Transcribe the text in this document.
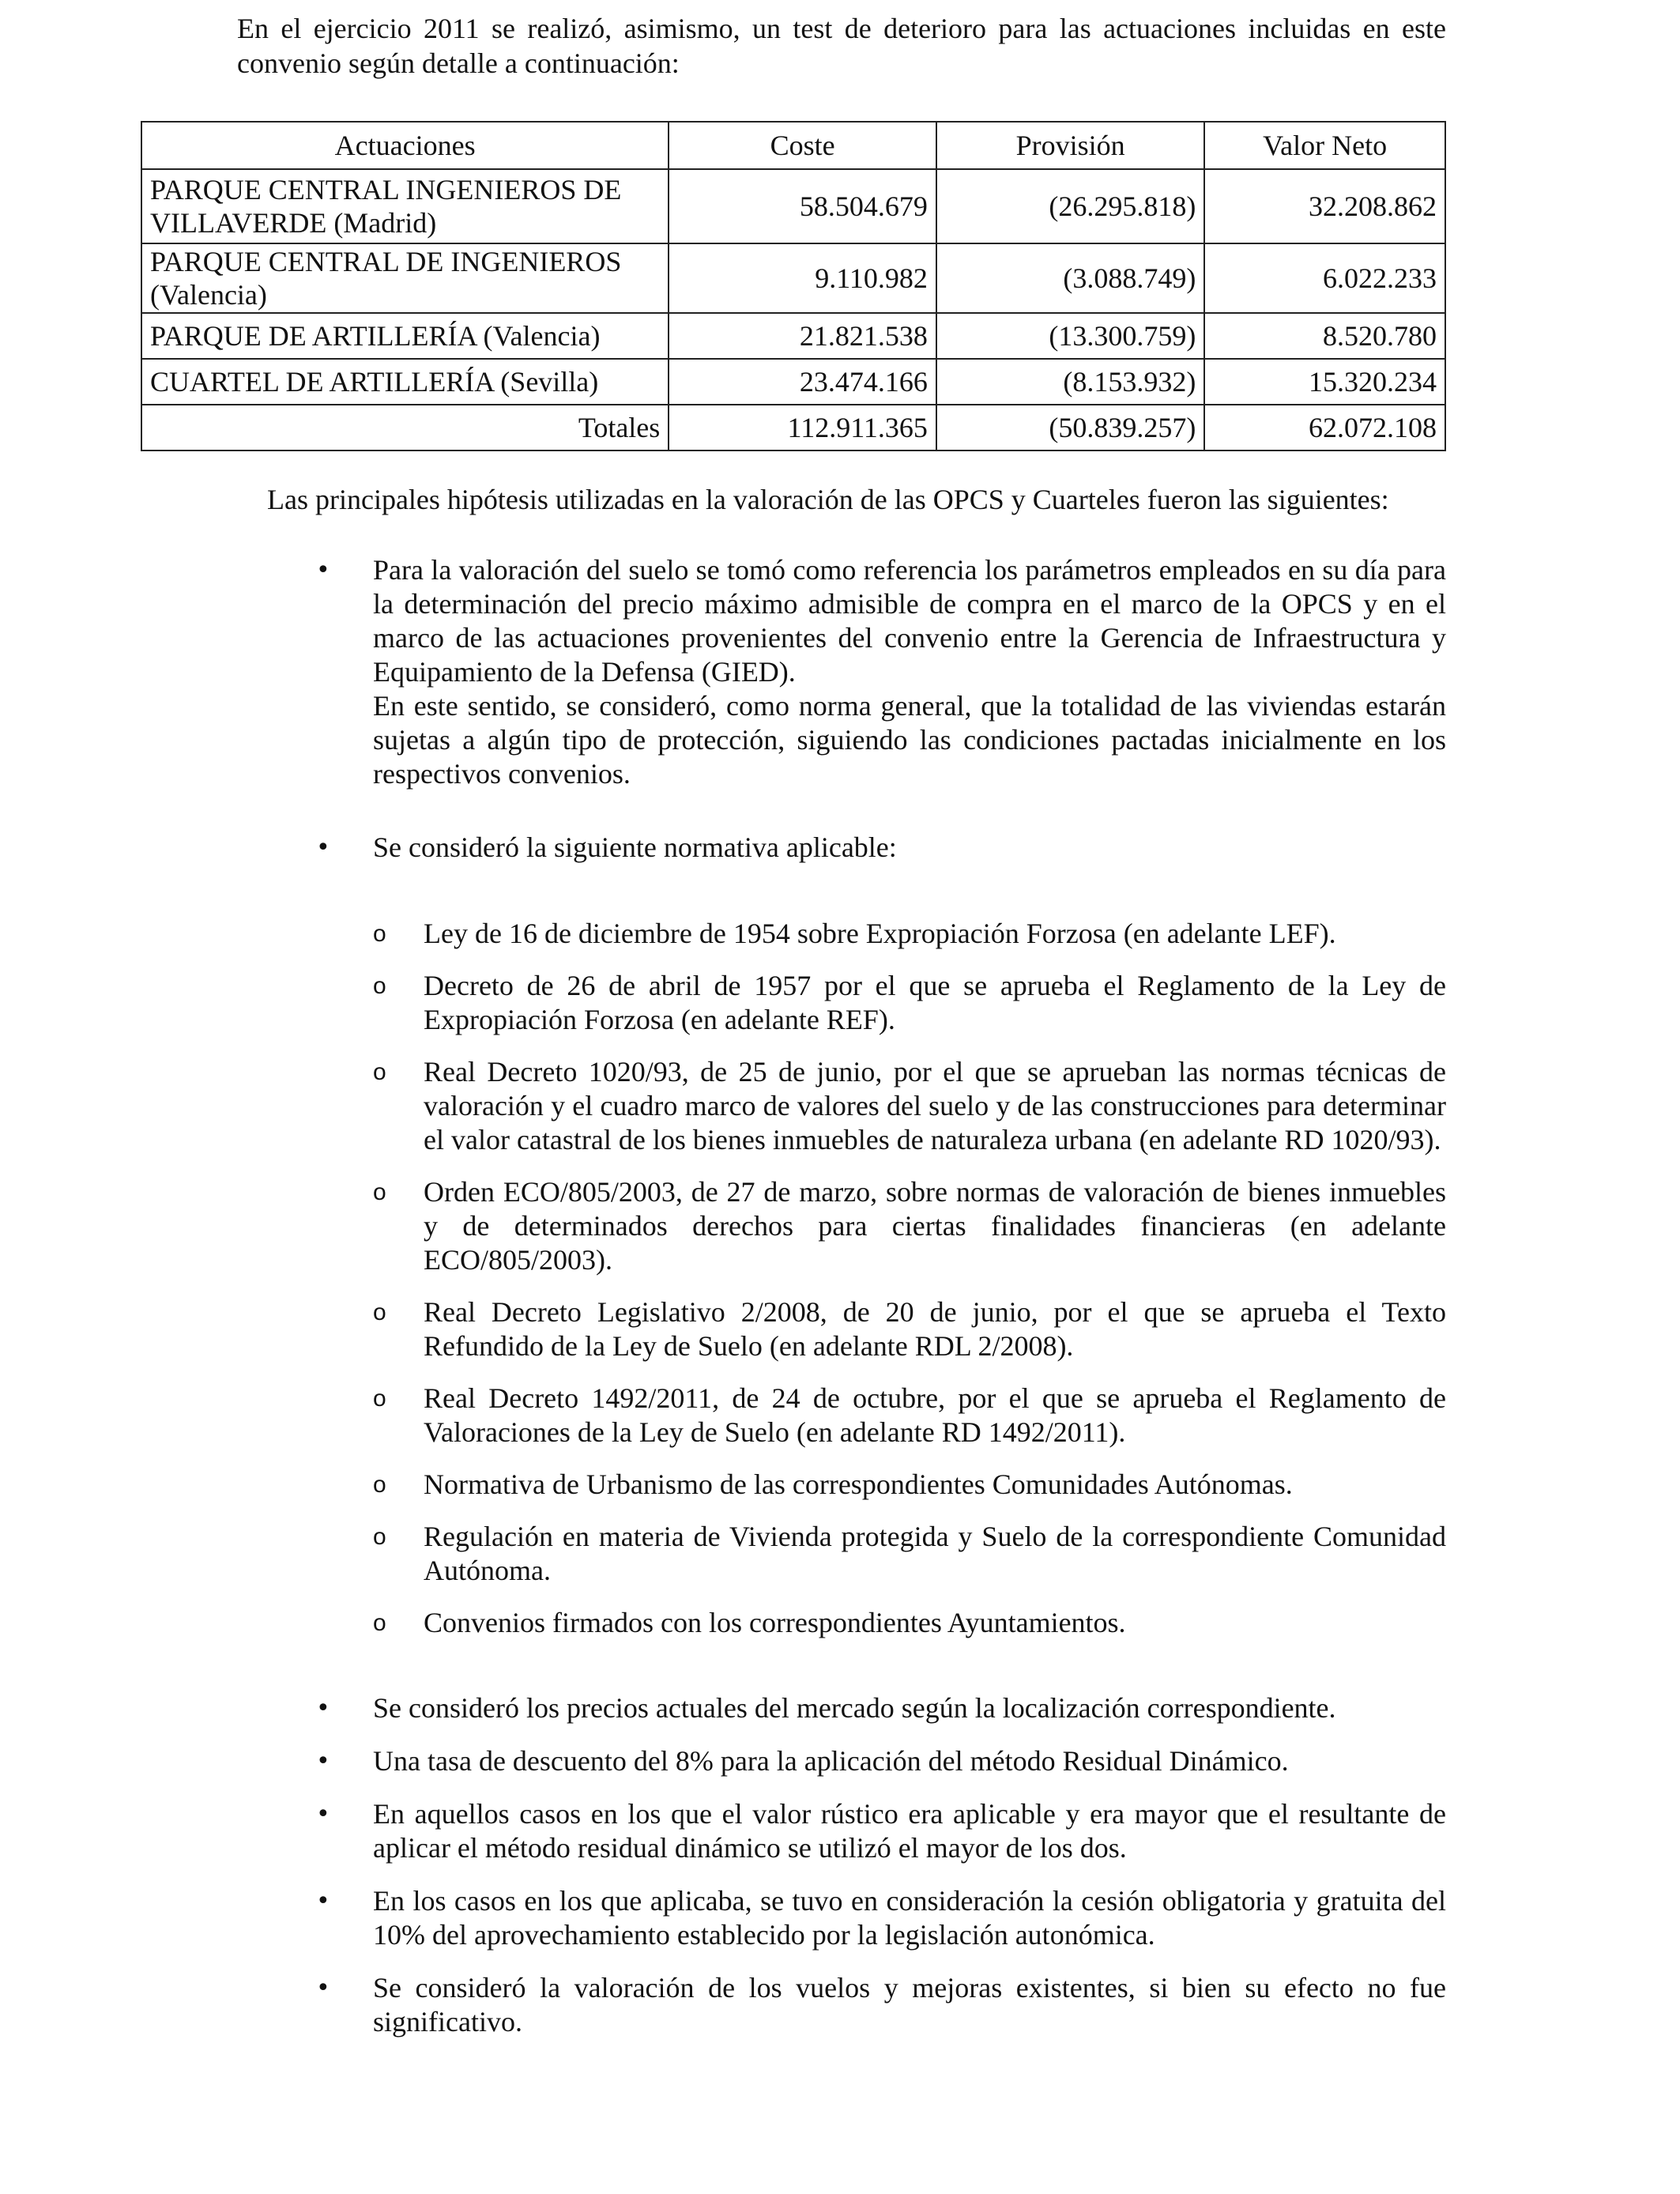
En el ejercicio 2011 se realizó, asimismo, un test de deterioro para las actuaciones incluidas en este convenio según detalle a continuación:

Actuaciones	Coste	Provisión	Valor Neto
PARQUE CENTRAL INGENIEROS DE
VILLAVERDE (Madrid)	58.504.679	(26.295.818)	32.208.862
PARQUE CENTRAL DE INGENIEROS
(Valencia)	9.110.982	(3.088.749)	6.022.233
PARQUE DE ARTILLERÍA (Valencia)	21.821.538	(13.300.759)	8.520.780
CUARTEL DE ARTILLERÍA (Sevilla)	23.474.166	(8.153.932)	15.320.234
Totales	112.911.365	(50.839.257)	62.072.108

Las principales hipótesis utilizadas en la valoración de las OPCS y Cuarteles fueron las siguientes:

•	Para la valoración del suelo se tomó como referencia los parámetros empleados en su día para la determinación del precio máximo admisible de compra en el marco de la OPCS y en el marco de las actuaciones provenientes del convenio entre la Gerencia de Infraestructura y Equipamiento de la Defensa (GIED).

En este sentido, se consideró, como norma general, que la totalidad de las viviendas estarán sujetas a algún tipo de protección, siguiendo las condiciones pactadas inicialmente en los respectivos convenios.

•	Se consideró la siguiente normativa aplicable:

o Ley de 16 de diciembre de 1954 sobre Expropiación Forzosa (en adelante LEF).

o Decreto de 26 de abril de 1957 por el que se aprueba el Reglamento de la Ley de Expropiación Forzosa (en adelante REF).

o Real Decreto 1020/93, de 25 de junio, por el que se aprueban las normas técnicas de valoración y el cuadro marco de valores del suelo y de las construcciones para determinar el valor catastral de los bienes inmuebles de naturaleza urbana (en adelante RD 1020/93).

o Orden ECO/805/2003, de 27 de marzo, sobre normas de valoración de bienes inmuebles y de determinados derechos para ciertas finalidades financieras (en adelante ECO/805/2003).

o Real Decreto Legislativo 2/2008, de 20 de junio, por el que se aprueba el Texto Refundido de la Ley de Suelo (en adelante RDL 2/2008).

o Real Decreto 1492/2011, de 24 de octubre, por el que se aprueba el Reglamento de Valoraciones de la Ley de Suelo (en adelante RD 1492/2011).

o Normativa de Urbanismo de las correspondientes Comunidades Autónomas.

o Regulación en materia de Vivienda protegida y Suelo de la correspondiente Comunidad Autónoma.

o Convenios firmados con los correspondientes Ayuntamientos.

•	Se consideró los precios actuales del mercado según la localización correspondiente.

•	Una tasa de descuento del 8% para la aplicación del método Residual Dinámico.

•	En aquellos casos en los que el valor rústico era aplicable y era mayor que el resultante de aplicar el método residual dinámico se utilizó el mayor de los dos.

•	En los casos en los que aplicaba, se tuvo en consideración la cesión obligatoria y gratuita del 10% del aprovechamiento establecido por la legislación autonómica.

•	Se consideró la valoración de los vuelos y mejoras existentes, si bien su efecto no fue significativo.
